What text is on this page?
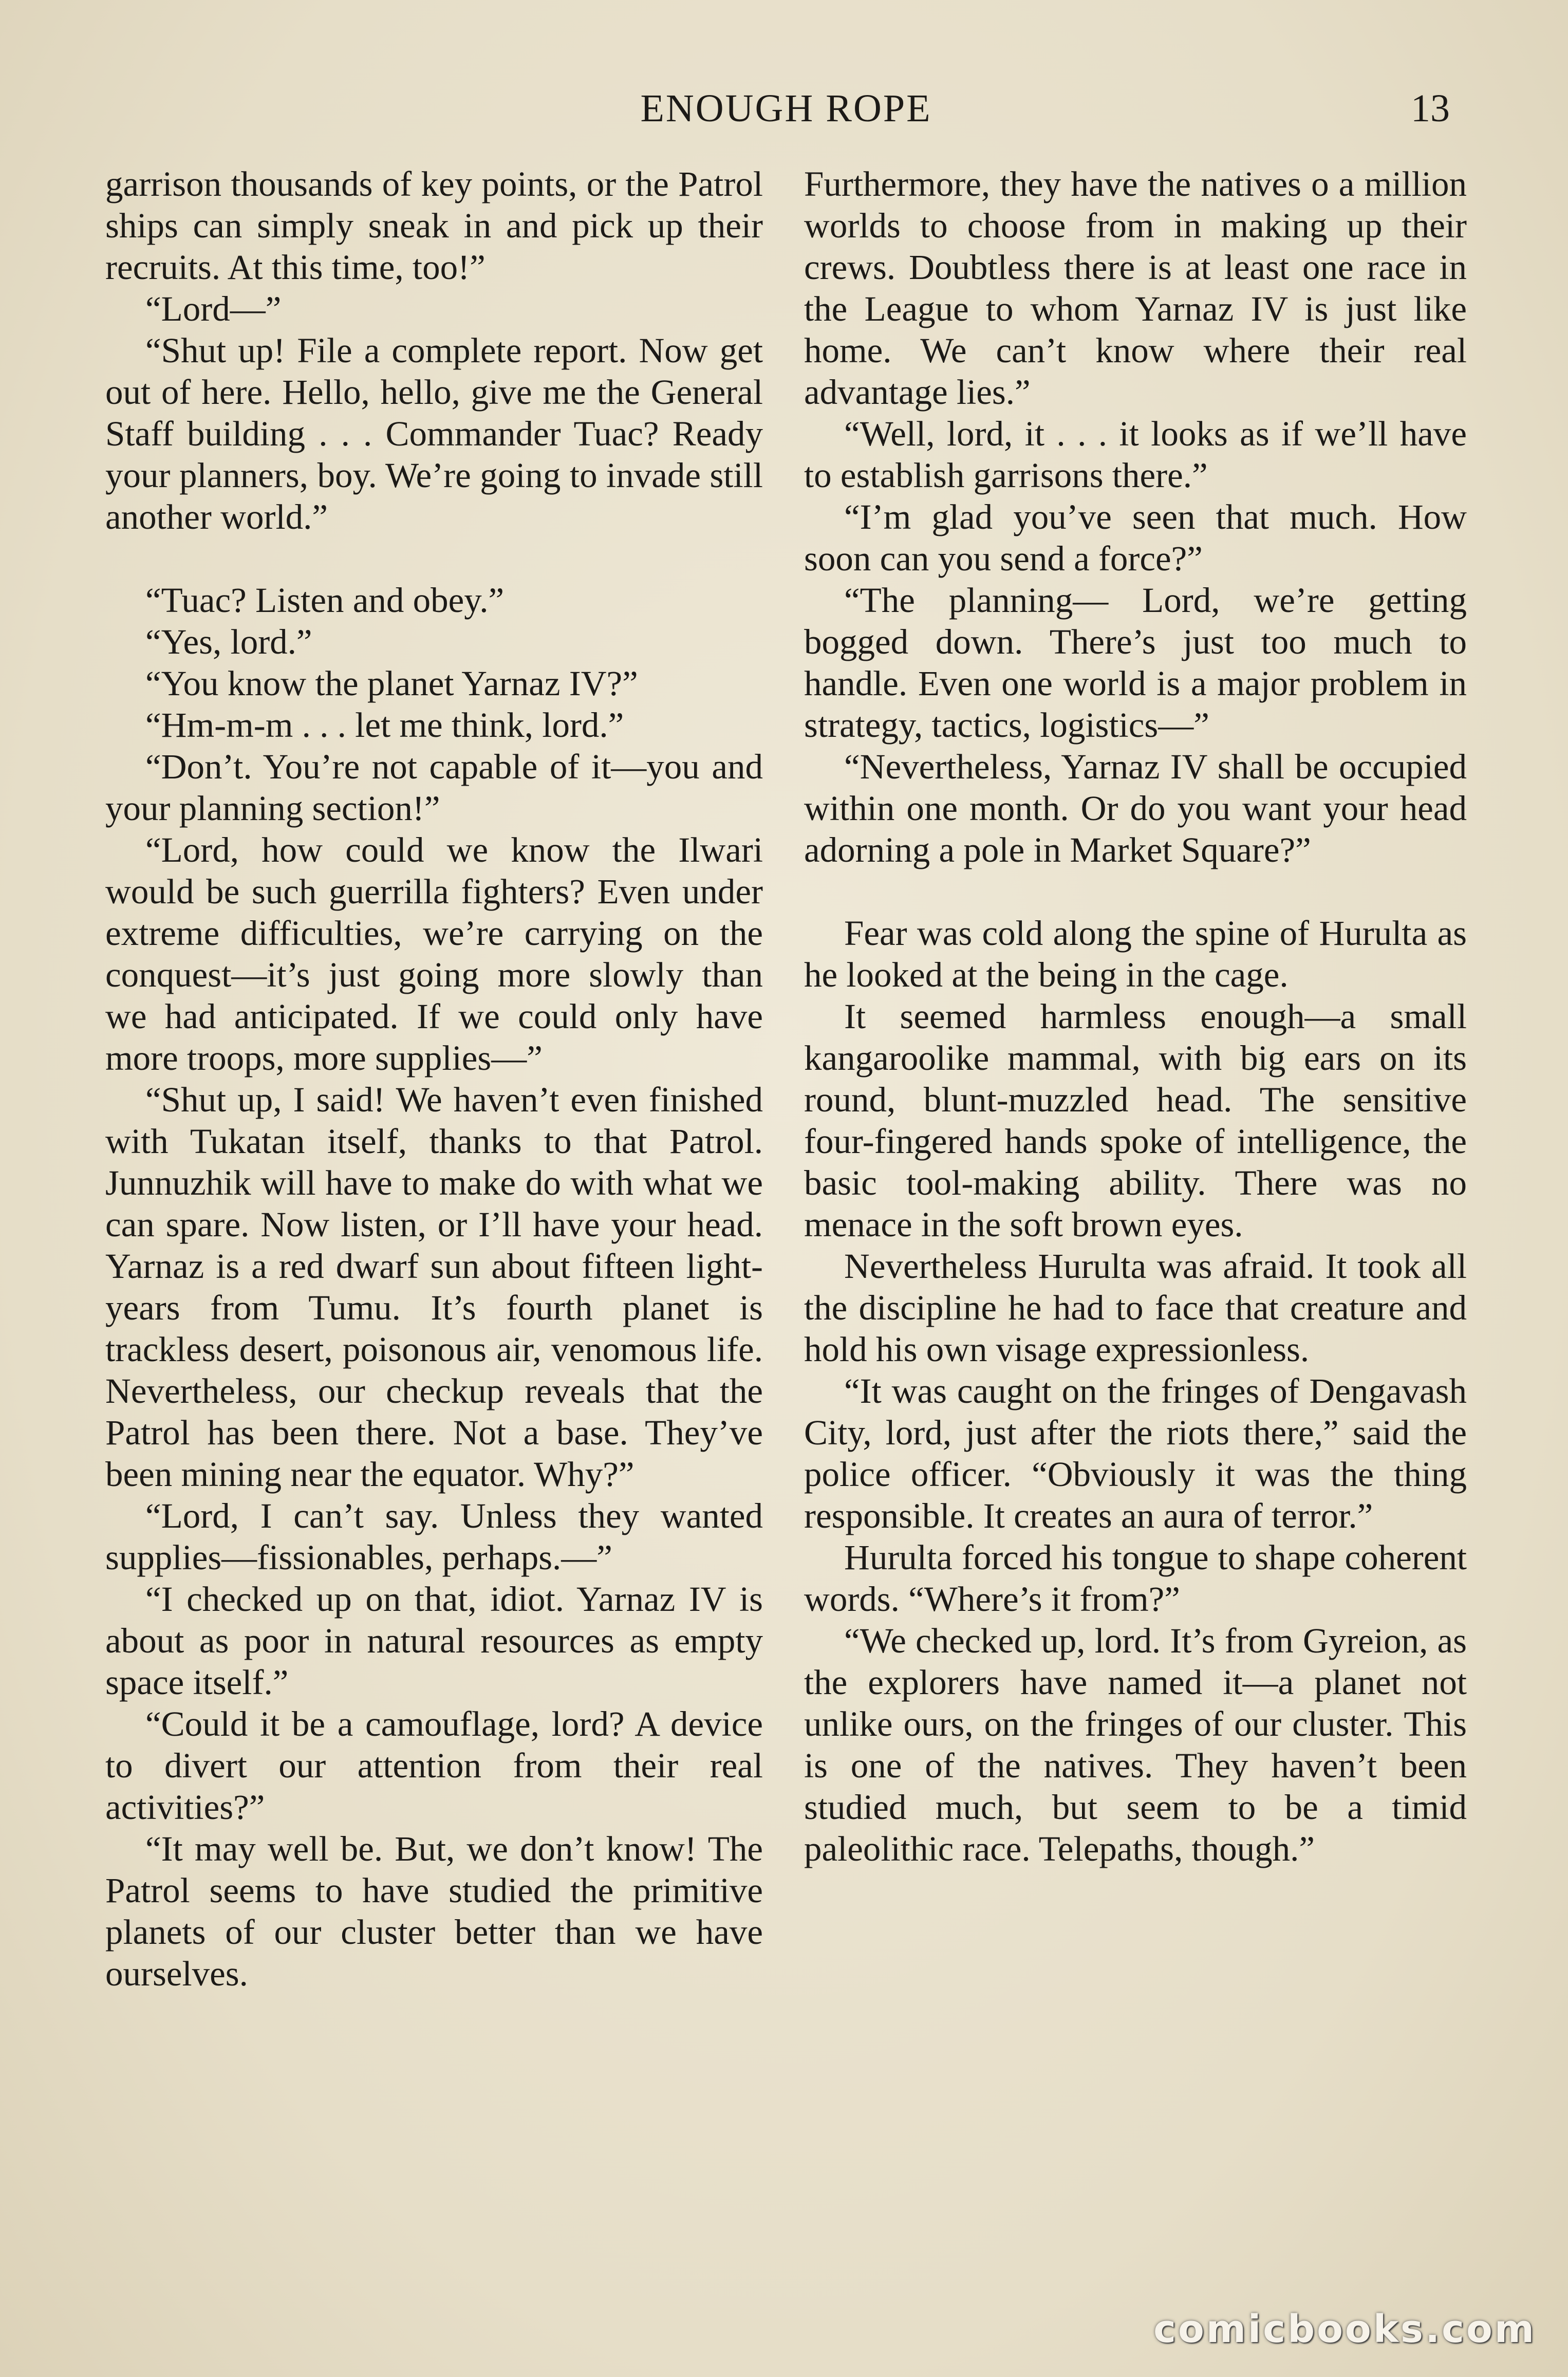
ENOUGH ROPE	13

garrison thousands of key points, or the Patrol ships can simply sneak in and pick up their recruits. At this time, too!”

“Lord—”

“Shut up! File a complete report. Now get out of here. Hello, hello, give me the General Staff building . . . Commander Tuac? Ready your planners, boy. We’re going to invade still another world.”

“Tuac? Listen and obey.”

“Yes, lord.”

“You know the planet Yarnaz IV?”

“Hm-m-m . . . let me think, lord.”

“Don’t. You’re not capable of it—you and your planning section!”

“Lord, how could we know the Ilwari would be such guerrilla fighters? Even under extreme difficulties, we’re carrying on the conquest—it’s just going more slowly than we had anticipated. If we could only have more troops, more supplies—”

“Shut up, I said! We haven’t even finished with Tukatan itself, thanks to that Patrol. Junnuzhik will have to make do with what we can spare. Now listen, or I’ll have your head. Yarnaz is a red dwarf sun about fifteen light-years from Tumu. It’s fourth planet is trackless desert, poisonous air, venomous life. Nevertheless, our checkup reveals that the Patrol has been there. Not a base. They’ve been mining near the equator. Why?”

“Lord, I can’t say. Unless they wanted supplies—fissionables, perhaps.—”

“I checked up on that, idiot. Yarnaz IV is about as poor in natural resources as empty space itself.”

“Could it be a camouflage, lord? A device to divert our attention from their real activities?”

“It may well be. But, we don’t know! The Patrol seems to have studied the primitive planets of our cluster better than we have ourselves.

Furthermore, they have the natives o a million worlds to choose from in making up their crews. Doubtless there is at least one race in the League to whom Yarnaz IV is just like home. We can’t know where their real advantage lies.”

“Well, lord, it . . . it looks as if we’ll have to establish garrisons there.”

“I’m glad you’ve seen that much. How soon can you send a force?”

“The planning— Lord, we’re getting bogged down. There’s just too much to handle. Even one world is a major problem in strategy, tactics, logistics—”

“Nevertheless, Yarnaz IV shall be occupied within one month. Or do you want your head adorning a pole in Market Square?”

Fear was cold along the spine of Hurulta as he looked at the being in the cage.

It seemed harmless enough—a small kangaroolike mammal, with big ears on its round, blunt-muzzled head. The sensitive four-fingered hands spoke of intelligence, the basic tool-making ability. There was no menace in the soft brown eyes.

Nevertheless Hurulta was afraid. It took all the discipline he had to face that creature and hold his own visage expressionless.

“It was caught on the fringes of Dengavash City, lord, just after the riots there,” said the police officer. “Obviously it was the thing responsible. It creates an aura of terror.”

Hurulta forced his tongue to shape coherent words. “Where’s it from?”

“We checked up, lord. It’s from Gyreion, as the explorers have named it—a planet not unlike ours, on the fringes of our cluster. This is one of the natives. They haven’t been studied much, but seem to be a timid paleolithic race. Telepaths, though.”

comicbooks.com
